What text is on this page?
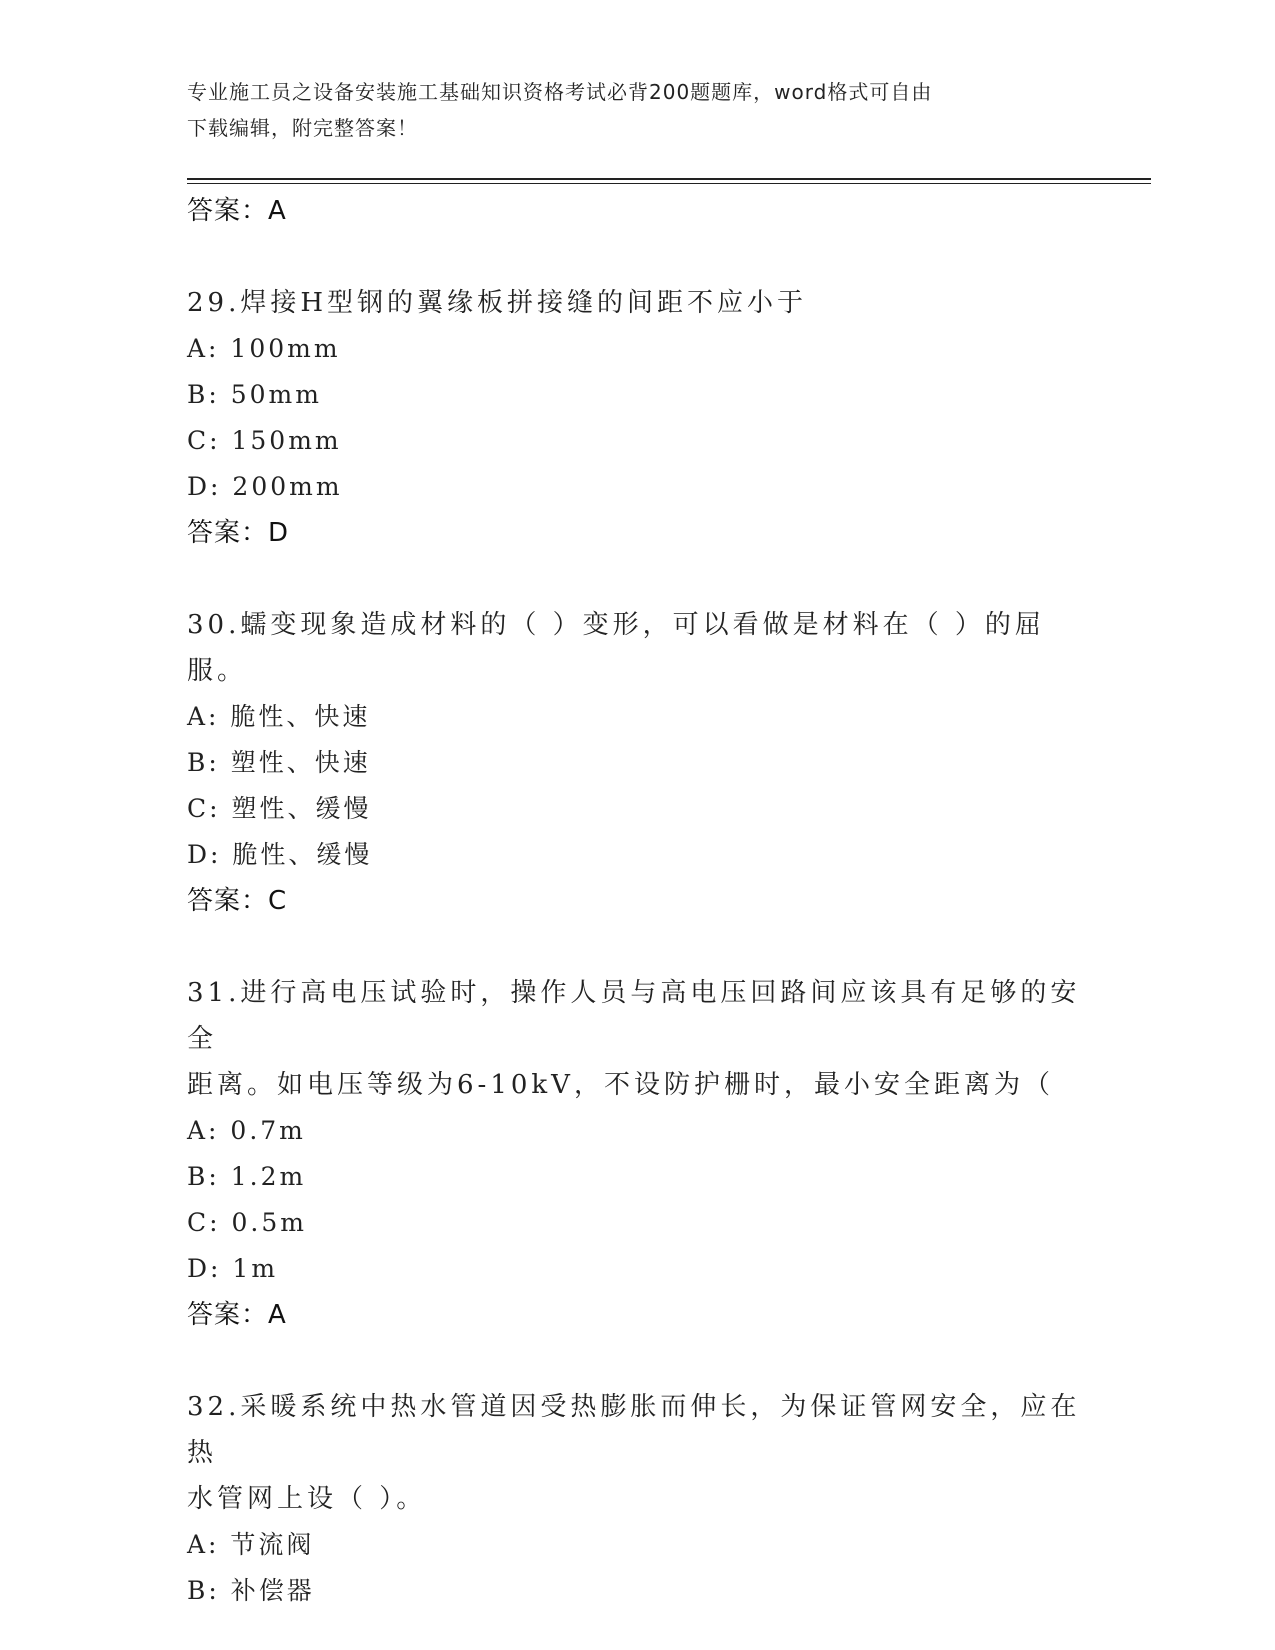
专业施工员之设备安装施工基础知识资格考试必背200题题库，word格式可自由
下载编辑，附完整答案！

答案：A

29.焊接H型钢的翼缘板拼接缝的间距不应小于

A: 100mm

B: 50mm

C: 150mm

D: 200mm

答案：D

30.蠕变现象造成材料的（ ）变形，可以看做是材料在（ ）的屈服。

A: 脆性、快速

B: 塑性、快速

C: 塑性、缓慢

D: 脆性、缓慢

答案：C

31.进行高电压试验时，操作人员与高电压回路间应该具有足够的安全

距离。如电压等级为6-10kV，不设防护栅时，最小安全距离为（

A: 0.7m

B: 1.2m

C: 0.5m

D: 1m

答案：A

32.采暖系统中热水管道因受热膨胀而伸长，为保证管网安全，应在热

水管网上设（ ）。

A: 节流阀

B: 补偿器
